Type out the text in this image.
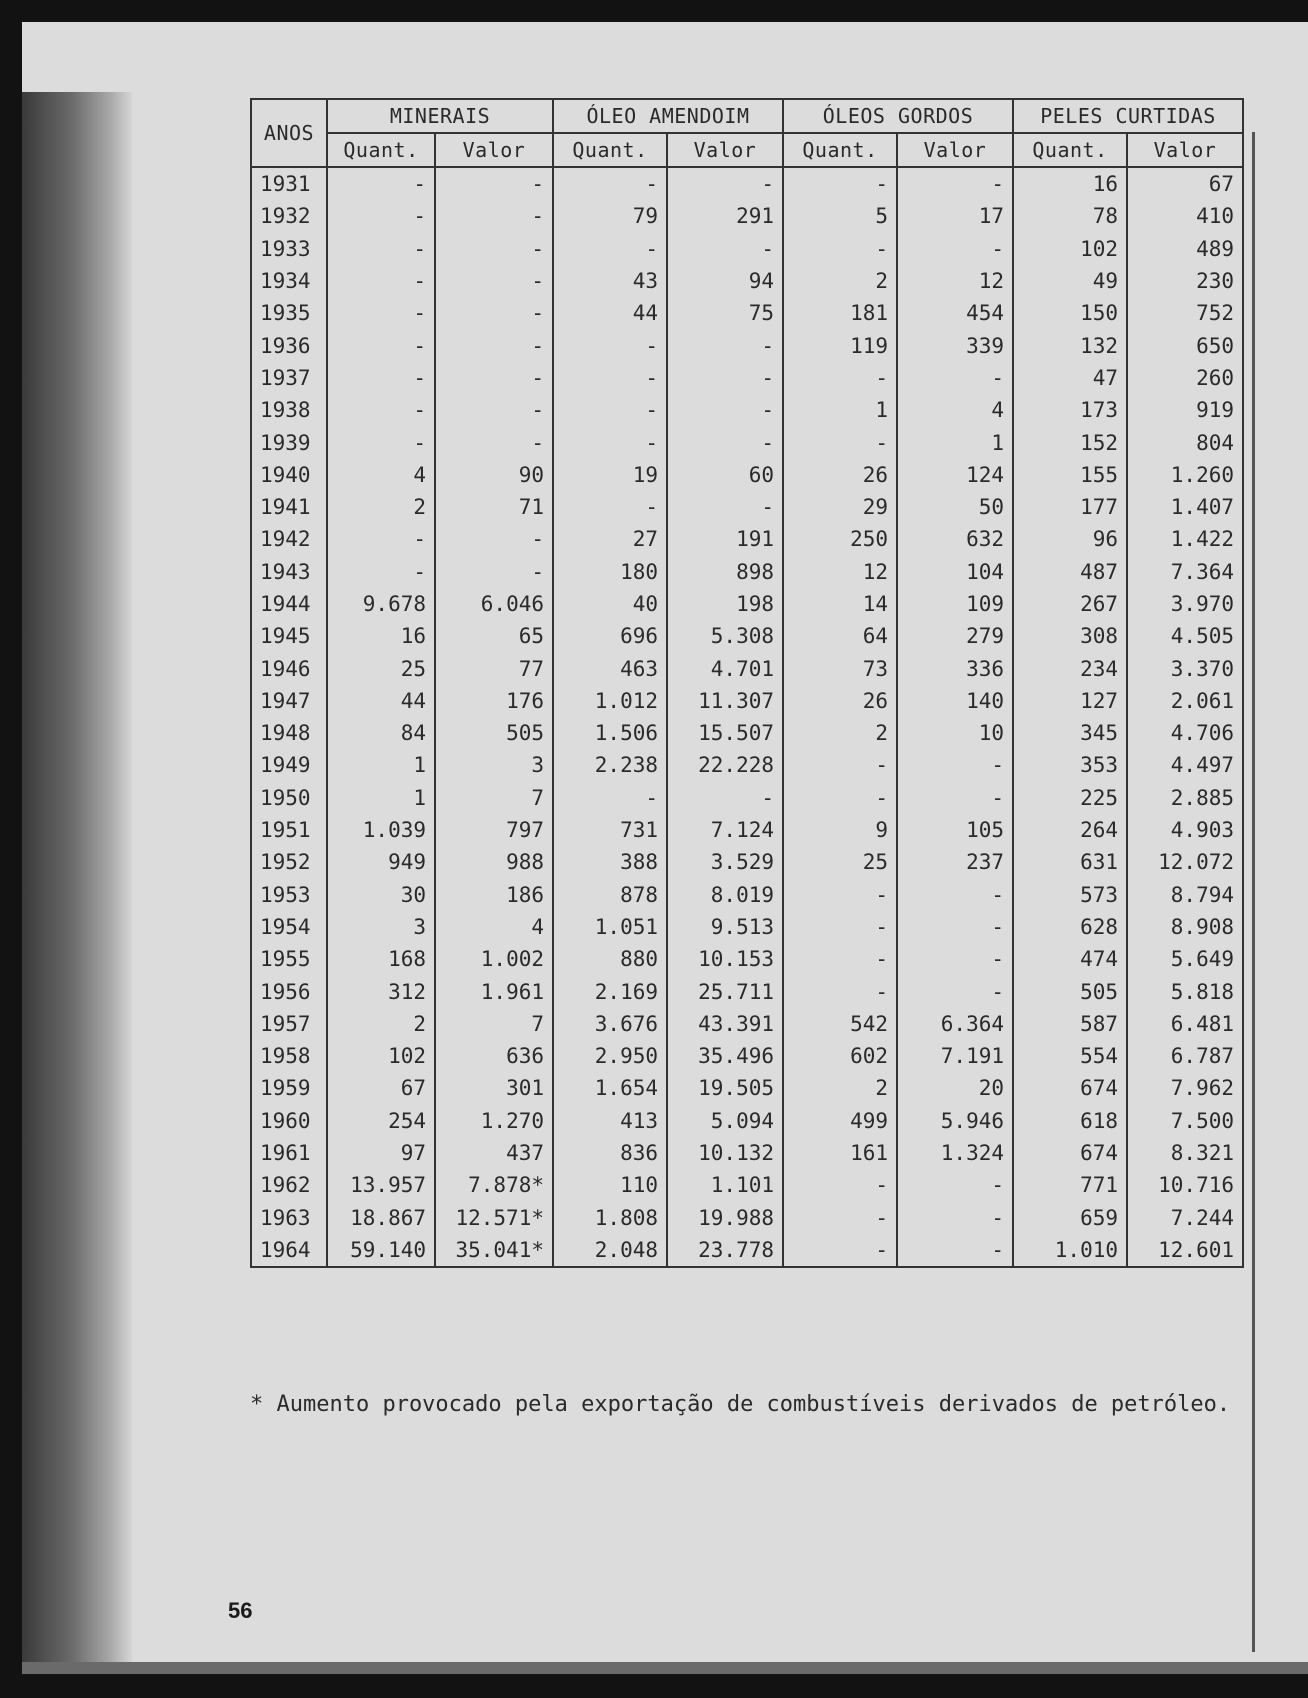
ANOS	MINERAIS		ÓLEO AMENDOIM		ÓLEOS GORDOS		PELES CURTIDAS	
	Quant.	Valor	Quant.	Valor	Quant.	Valor	Quant.	Valor
1931	-	-	-	-	-	-	16	67
1932	-	-	79	291	5	17	78	410
1933	-	-	-	-	-	-	102	489
1934	-	-	43	94	2	12	49	230
1935	-	-	44	75	181	454	150	752
1936	-	-	-	-	119	339	132	650
1937	-	-	-	-	-	-	47	260
1938	-	-	-	-	1	4	173	919
1939	-	-	-	-	-	1	152	804
1940	4	90	19	60	26	124	155	1.260
1941	2	71	-	-	29	50	177	1.407
1942	-	-	27	191	250	632	96	1.422
1943	-	-	180	898	12	104	487	7.364
1944	9.678	6.046	40	198	14	109	267	3.970
1945	16	65	696	5.308	64	279	308	4.505
1946	25	77	463	4.701	73	336	234	3.370
1947	44	176	1.012	11.307	26	140	127	2.061
1948	84	505	1.506	15.507	2	10	345	4.706
1949	1	3	2.238	22.228	-	-	353	4.497
1950	1	7	-	-	-	-	225	2.885
1951	1.039	797	731	7.124	9	105	264	4.903
1952	949	988	388	3.529	25	237	631	12.072
1953	30	186	878	8.019	-	-	573	8.794
1954	3	4	1.051	9.513	-	-	628	8.908
1955	168	1.002	880	10.153	-	-	474	5.649
1956	312	1.961	2.169	25.711	-	-	505	5.818
1957	2	7	3.676	43.391	542	6.364	587	6.481
1958	102	636	2.950	35.496	602	7.191	554	6.787
1959	67	301	1.654	19.505	2	20	674	7.962
1960	254	1.270	413	5.094	499	5.946	618	7.500
1961	97	437	836	10.132	161	1.324	674	8.321
1962	13.957	7.878*	110	1.101	-	-	771	10.716
1963	18.867	12.571*	1.808	19.988	-	-	659	7.244
1964	59.140	35.041*	2.048	23.778	-	-	1.010	12.601
* Aumento provocado pela exportação de combustíveis derivados de petróleo.
56
